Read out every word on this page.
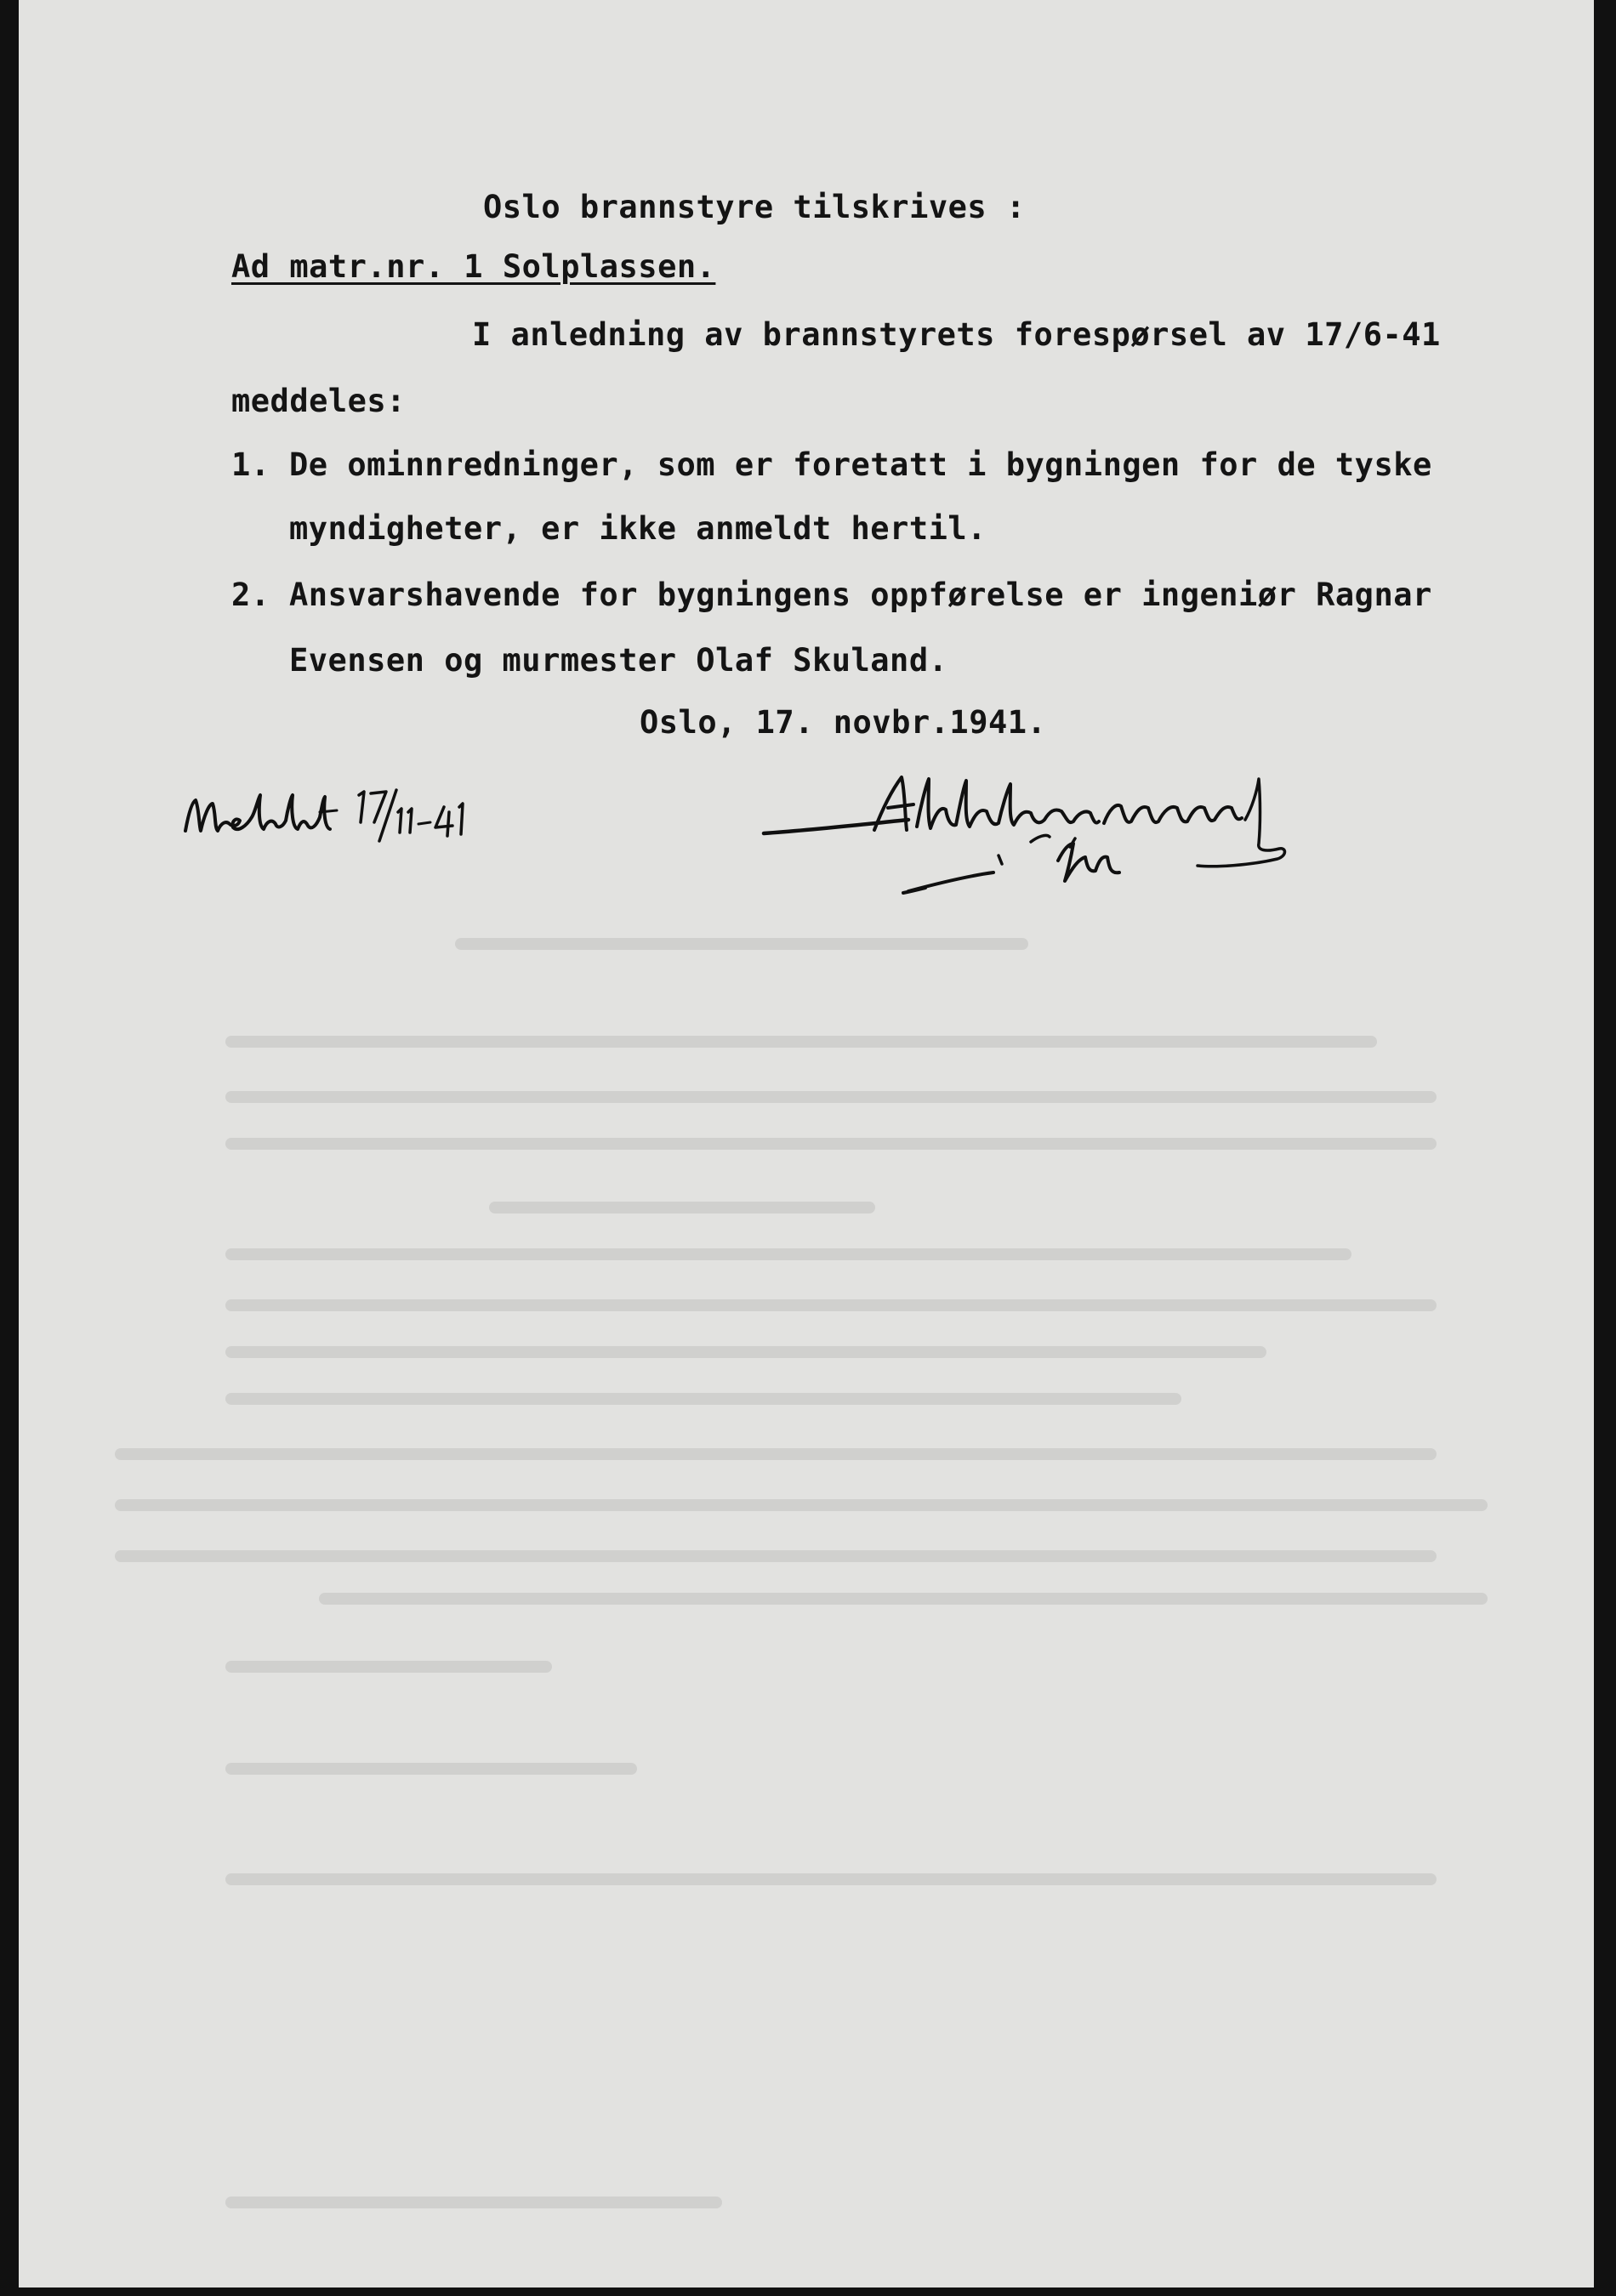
Oslo brannstyre tilskrives :
Ad matr.nr. 1 Solplassen.
I anledning av brannstyrets forespørsel av 17/6-41
meddeles:
1. De ominnredninger, som er foretatt i bygningen for de tyske
myndigheter, er ikke anmeldt hertil.
2. Ansvarshavende for bygningens oppførelse er ingeniør Ragnar
Evensen og murmester Olaf Skuland.
Oslo, 17. novbr.1941.
